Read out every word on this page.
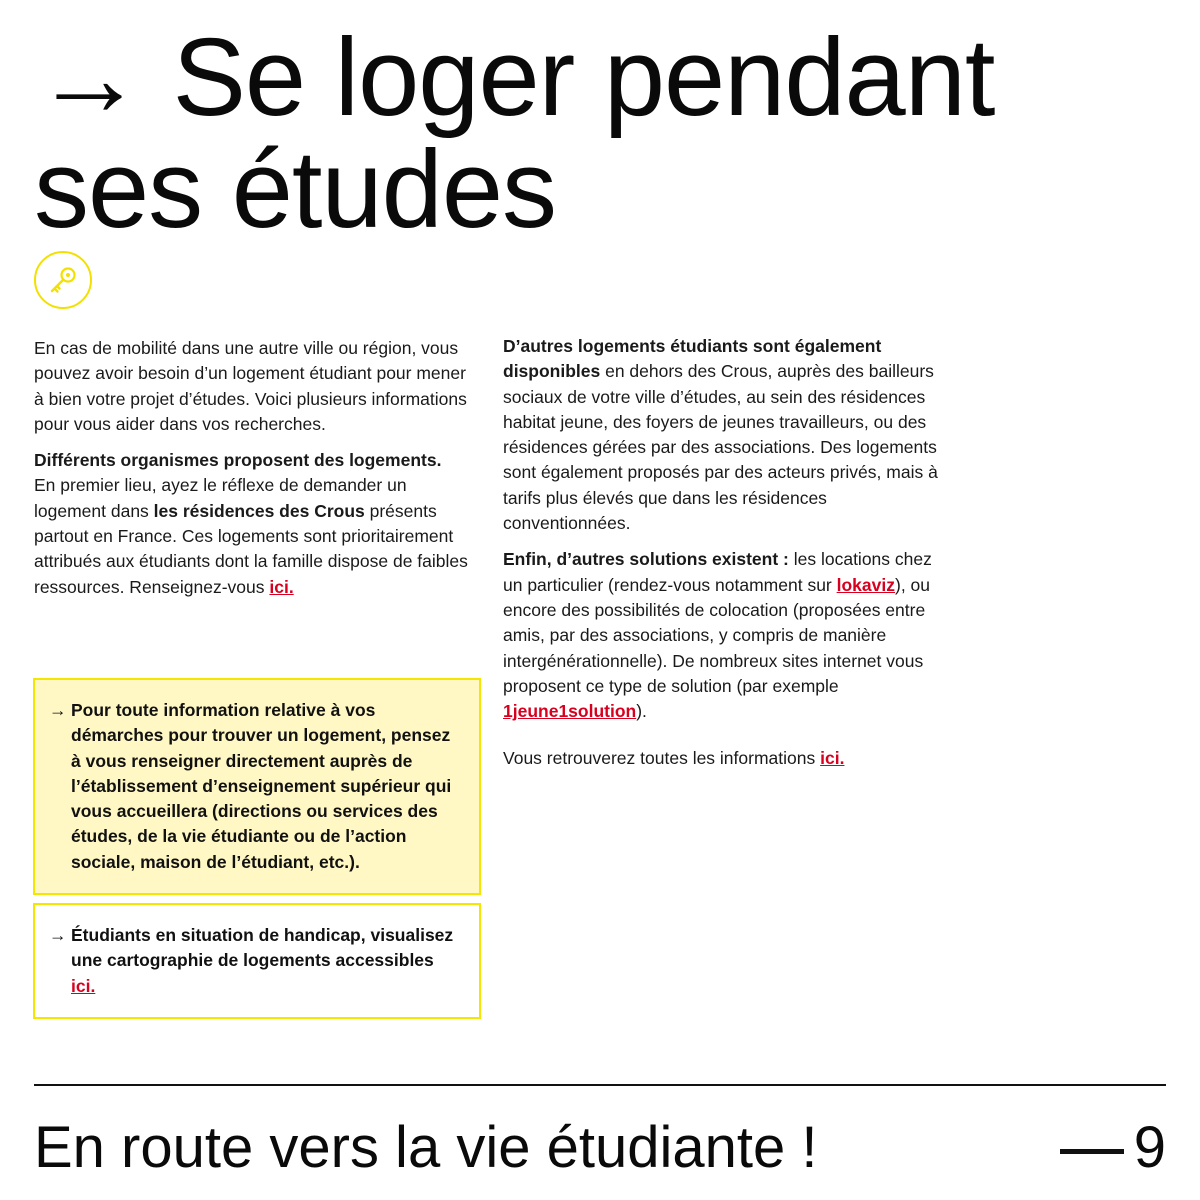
→ Se loger pendant
ses études

En cas de mobilité dans une autre ville ou région, vous pouvez avoir besoin d’un logement étudiant pour mener à bien votre projet d’études. Voici plusieurs informations pour vous aider dans vos recherches.

Différents organismes proposent des logements.
En premier lieu, ayez le réflexe de demander un logement dans les résidences des Crous présents partout en France. Ces logements sont prioritairement attribués aux étudiants dont la famille dispose de faibles ressources. Renseignez-vous ici.

→ Pour toute information relative à vos démarches pour trouver un logement, pensez à vous renseigner directement auprès de l’établissement d’enseignement supérieur qui vous accueillera (directions ou services des études, de la vie étudiante ou de l’action sociale, maison de l’étudiant, etc.).
→ Étudiants en situation de handicap, visualisez une cartographie de logements accessibles ici.

D’autres logements étudiants sont également disponibles en dehors des Crous, auprès des bailleurs sociaux de votre ville d’études, au sein des résidences habitat jeune, des foyers de jeunes travailleurs, ou des résidences gérées par des associations. Des logements sont également proposés par des acteurs privés, mais à tarifs plus élevés que dans les résidences conventionnées.

Enfin, d’autres solutions existent : les locations chez un particulier (rendez-vous notamment sur lokaviz), ou encore des possibilités de colocation (proposées entre amis, par des associations, y compris de manière intergénérationnelle). De nombreux sites internet vous proposent ce type de solution (par exemple 1jeune1solution).

Vous retrouverez toutes les informations ici.

En route vers la vie étudiante !	9
